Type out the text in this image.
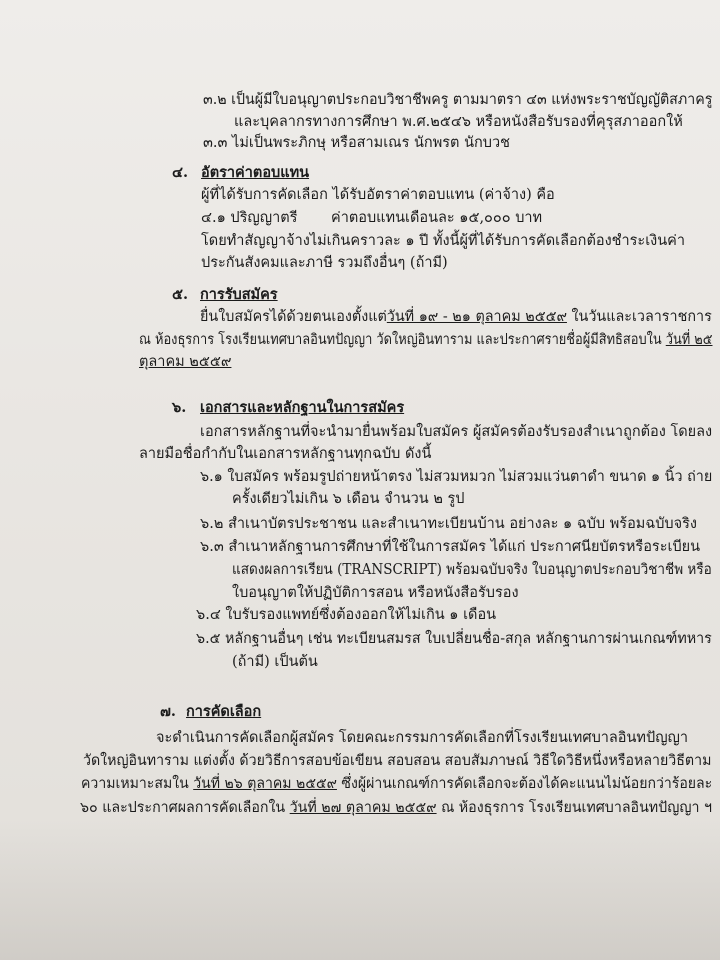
๓.๒ เป็นผู้มีใบอนุญาตประกอบวิชาชีพครู ตามมาตรา ๔๓ แห่งพระราชบัญญัติสภาครู
และบุคลากรทางการศึกษา พ.ศ.๒๕๔๖ หรือหนังสือรับรองที่คุรุสภาออกให้
๓.๓ ไม่เป็นพระภิกษุ หรือสามเณร นักพรต นักบวช
๔. อัตราค่าตอบแทน
ผู้ที่ได้รับการคัดเลือก ได้รับอัตราค่าตอบแทน (ค่าจ้าง) คือ
๔.๑ ปริญญาตรี ค่าตอบแทนเดือนละ ๑๕,๐๐๐ บาท
โดยทำสัญญาจ้างไม่เกินคราวละ ๑ ปี ทั้งนี้ผู้ที่ได้รับการคัดเลือกต้องชำระเงินค่า
ประกันสังคมและภาษี รวมถึงอื่นๆ (ถ้ามี)
๕. การรับสมัคร
ยื่นใบสมัครได้ด้วยตนเองตั้งแต่วันที่ ๑๙ - ๒๑ ตุลาคม ๒๕๕๙ ในวันและเวลาราชการ
ณ ห้องธุรการ โรงเรียนเทศบาลอินทปัญญา วัดใหญ่อินทาราม และประกาศรายชื่อผู้มีสิทธิสอบใน วันที่ ๒๕
ตุลาคม ๒๕๕๙
๖. เอกสารและหลักฐานในการสมัคร
เอกสารหลักฐานที่จะนำมายื่นพร้อมใบสมัคร ผู้สมัครต้องรับรองสำเนาถูกต้อง โดยลง
ลายมือชื่อกำกับในเอกสารหลักฐานทุกฉบับ ดังนี้
๖.๑ ใบสมัคร พร้อมรูปถ่ายหน้าตรง ไม่สวมหมวก ไม่สวมแว่นตาดำ ขนาด ๑ นิ้ว ถ่าย
ครั้งเดียวไม่เกิน ๖ เดือน จำนวน ๒ รูป
๖.๒ สำเนาบัตรประชาชน และสำเนาทะเบียนบ้าน อย่างละ ๑ ฉบับ พร้อมฉบับจริง
๖.๓ สำเนาหลักฐานการศึกษาที่ใช้ในการสมัคร ได้แก่ ประกาศนียบัตรหรือระเบียน
แสดงผลการเรียน (TRANSCRIPT) พร้อมฉบับจริง ใบอนุญาตประกอบวิชาชีพ หรือ
ใบอนุญาตให้ปฏิบัติการสอน หรือหนังสือรับรอง
๖.๔ ใบรับรองแพทย์ซึ่งต้องออกให้ไม่เกิน ๑ เดือน
๖.๕ หลักฐานอื่นๆ เช่น ทะเบียนสมรส ใบเปลี่ยนชื่อ-สกุล หลักฐานการผ่านเกณฑ์ทหาร
(ถ้ามี) เป็นต้น
๗. การคัดเลือก
จะดำเนินการคัดเลือกผู้สมัคร โดยคณะกรรมการคัดเลือกที่โรงเรียนเทศบาลอินทปัญญา
วัดใหญ่อินทาราม แต่งตั้ง ด้วยวิธีการสอบข้อเขียน สอบสอน สอบสัมภาษณ์ วิธีใดวิธีหนึ่งหรือหลายวิธีตาม
ความเหมาะสมใน วันที่ ๒๖ ตุลาคม ๒๕๕๙ ซึ่งผู้ผ่านเกณฑ์การคัดเลือกจะต้องได้คะแนนไม่น้อยกว่าร้อยละ
๖๐ และประกาศผลการคัดเลือกใน วันที่ ๒๗ ตุลาคม ๒๕๕๙ ณ ห้องธุรการ โรงเรียนเทศบาลอินทปัญญา ฯ
